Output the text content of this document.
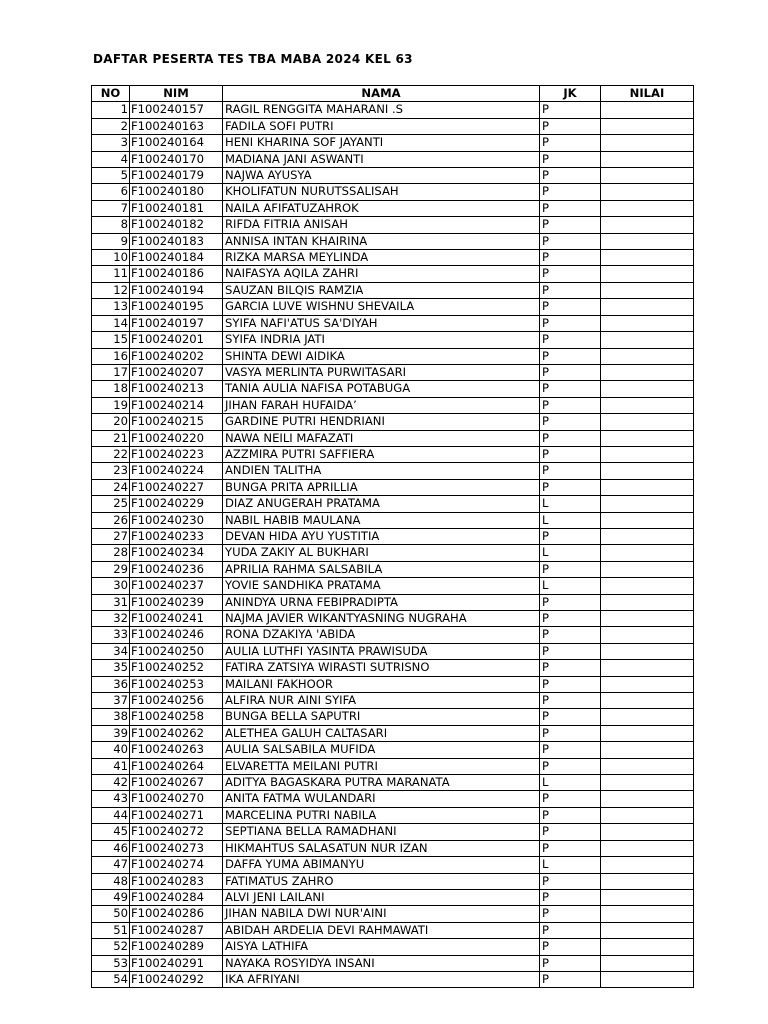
DAFTAR PESERTA TES TBA MABA 2024 KEL 63
NO	NIM	NAMA	JK	NILAI
1	F100240157	RAGIL RENGGITA MAHARANI .S	P	
2	F100240163	FADILA SOFI PUTRI	P	
3	F100240164	HENI KHARINA SOF JAYANTI	P	
4	F100240170	MADIANA JANI ASWANTI	P	
5	F100240179	NAJWA AYUSYA	P	
6	F100240180	KHOLIFATUN NURUTSSALISAH	P	
7	F100240181	NAILA AFIFATUZAHROK	P	
8	F100240182	RIFDA FITRIA ANISAH	P	
9	F100240183	ANNISA INTAN KHAIRINA	P	
10	F100240184	RIZKA MARSA MEYLINDA	P	
11	F100240186	NAIFASYA AQILA ZAHRI	P	
12	F100240194	SAUZAN BILQIS RAMZIA	P	
13	F100240195	GARCIA LUVE WISHNU SHEVAILA	P	
14	F100240197	SYIFA NAFI'ATUS SA'DIYAH	P	
15	F100240201	SYIFA INDRIA JATI	P	
16	F100240202	SHINTA DEWI AIDIKA	P	
17	F100240207	VASYA MERLINTA PURWITASARI	P	
18	F100240213	TANIA AULIA NAFISA POTABUGA	P	
19	F100240214	JIHAN FARAH HUFAIDA’	P	
20	F100240215	GARDINE PUTRI HENDRIANI	P	
21	F100240220	NAWA NEILI MAFAZATI	P	
22	F100240223	AZZMIRA PUTRI SAFFIERA	P	
23	F100240224	ANDIEN TALITHA	P	
24	F100240227	BUNGA PRITA APRILLIA	P	
25	F100240229	DIAZ ANUGERAH PRATAMA	L	
26	F100240230	NABIL HABIB MAULANA	L	
27	F100240233	DEVAN HIDA AYU YUSTITIA	P	
28	F100240234	YUDA ZAKIY AL BUKHARI	L	
29	F100240236	APRILIA RAHMA SALSABILA	P	
30	F100240237	YOVIE SANDHIKA PRATAMA	L	
31	F100240239	ANINDYA URNA FEBIPRADIPTA	P	
32	F100240241	NAJMA JAVIER WIKANTYASNING NUGRAHA	P	
33	F100240246	RONA DZAKIYA 'ABIDA	P	
34	F100240250	AULIA LUTHFI YASINTA PRAWISUDA	P	
35	F100240252	FATIRA ZATSIYA WIRASTI SUTRISNO	P	
36	F100240253	MAILANI FAKHOOR	P	
37	F100240256	ALFIRA NUR AINI SYIFA	P	
38	F100240258	BUNGA BELLA SAPUTRI	P	
39	F100240262	ALETHEA GALUH CALTASARI	P	
40	F100240263	AULIA SALSABILA MUFIDA	P	
41	F100240264	ELVARETTA MEILANI PUTRI	P	
42	F100240267	ADITYA BAGASKARA PUTRA MARANATA	L	
43	F100240270	ANITA FATMA WULANDARI	P	
44	F100240271	MARCELINA PUTRI NABILA	P	
45	F100240272	SEPTIANA BELLA RAMADHANI	P	
46	F100240273	HIKMAHTUS SALASATUN NUR IZAN	P	
47	F100240274	DAFFA YUMA ABIMANYU	L	
48	F100240283	FATIMATUS ZAHRO	P	
49	F100240284	ALVI JENI LAILANI	P	
50	F100240286	JIHAN NABILA DWI NUR'AINI	P	
51	F100240287	ABIDAH ARDELIA DEVI RAHMAWATI	P	
52	F100240289	AISYA LATHIFA	P	
53	F100240291	NAYAKA ROSYIDYA INSANI	P	
54	F100240292	IKA AFRIYANI	P	
